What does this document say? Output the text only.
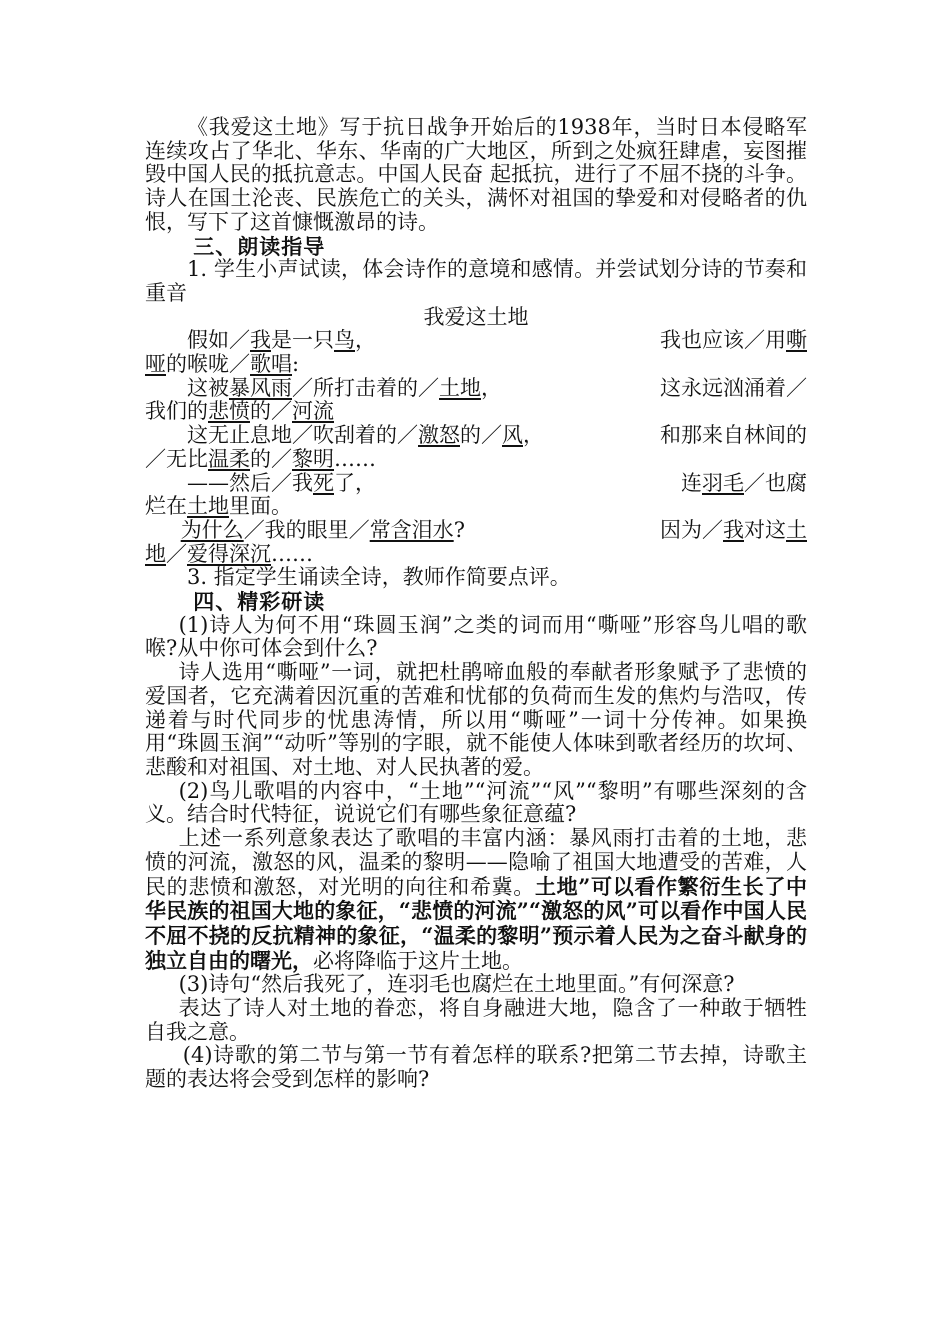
《我爱这土地》写于抗日战争开始后的1938年，当时日本侵略军连续攻占了华北、华东、华南的广大地区，所到之处疯狂肆虐，妄图摧毁中国人民的抵抗意志。中国人民奋 起抵抗，进行了不屈不挠的斗争。诗人在国土沦丧、民族危亡的关头，满怀对祖国的挚爱和对侵略者的仇恨，写下了这首慷慨激昂的诗。

三、朗读指导

1. 学生小声试读，体会诗作的意境和感情。并尝试划分诗的节奏和重音

我爱这土地

假如／我是一只鸟，	我也应该／用嘶

哑的喉咙／歌唱:

这被暴风雨／所打击着的／土地，	这永远汹涌着／

我们的悲愤的／河流

这无止息地／吹刮着的／激怒的／风，	和那来自林间的

／无比温柔的／黎明……

——然后／我死了，	连羽毛／也腐

烂在土地里面。

为什么／我的眼里／常含泪水?	因为／我对这土

地／爱得深沉……

3. 指定学生诵读全诗，教师作简要点评。

四、精彩研读

(1)诗人为何不用“珠圆玉润”之类的词而用“嘶哑”形容鸟儿唱的歌喉?从中你可体会到什么?

诗人选用“嘶哑”一词，就把杜鹃啼血般的奉献者形象赋予了悲愤的爱国者，它充满着因沉重的苦难和忧郁的负荷而生发的焦灼与浩叹，传递着与时代同步的忧患涛情，所以用“嘶哑”一词十分传神。如果换用“珠圆玉润”“动听”等别的字眼，就不能使人体味到歌者经历的坎坷、悲酸和对祖国、对土地、对人民执著的爱。

(2)鸟儿歌唱的内容中，“土地”“河流”“风”“黎明”有哪些深刻的含义。结合时代特征，说说它们有哪些象征意蕴?

上述一系列意象表达了歌唱的丰富内涵：暴风雨打击着的土地，悲愤的河流，激怒的风，温柔的黎明——隐喻了祖国大地遭受的苦难，人民的悲愤和激怒，对光明的向往和希冀。土地”可以看作繁衍生长了中华民族的祖国大地的象征，“悲愤的河流”“激怒的风”可以看作中国人民不屈不挠的反抗精神的象征，“温柔的黎明”预示着人民为之奋斗献身的独立自由的曙光，必将降临于这片土地。

(3)诗句“然后我死了，连羽毛也腐烂在土地里面。”有何深意?

表达了诗人对土地的眷恋，将自身融进大地，隐含了一种敢于牺牲自我之意。

(4)诗歌的第二节与第一节有着怎样的联系?把第二节去掉，诗歌主题的表达将会受到怎样的影响?
